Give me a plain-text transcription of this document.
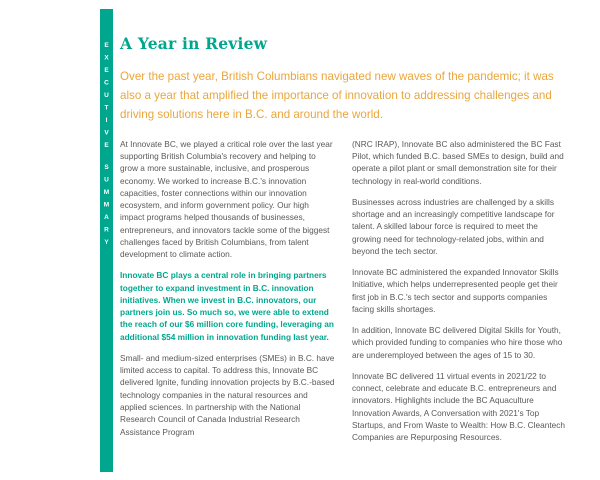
EXECUTIVE
SUMMARY
A Year in Review

Over the past year, British Columbians navigated new waves of the pandemic; it was also a year that amplified the importance of innovation to addressing challenges and driving solutions here in B.C. and around the world.

At Innovate BC, we played a critical role over the last year supporting British Columbia's recovery and helping to grow a more sustainable, inclusive, and prosperous economy. We worked to increase B.C.'s innovation capacities, foster connections within our innovation ecosystem, and inform government policy. Our high impact programs helped thousands of businesses, entrepreneurs, and innovators tackle some of the biggest challenges faced by British Columbians, from talent development to climate action.

Innovate BC plays a central role in bringing partners together to expand investment in B.C. innovation initiatives. When we invest in B.C. innovators, our partners join us. So much so, we were able to extend the reach of our $6 million core funding, leveraging an additional $54 million in innovation funding last year.

Small- and medium-sized enterprises (SMEs) in B.C. have limited access to capital. To address this, Innovate BC delivered Ignite, funding innovation projects by B.C.-based technology companies in the natural resources and applied sciences. In partnership with the National Research Council of Canada Industrial Research Assistance Program

(NRC IRAP), Innovate BC also administered the BC Fast Pilot, which funded B.C. based SMEs to design, build and operate a pilot plant or small demonstration site for their technology in real-world conditions.

Businesses across industries are challenged by a skills shortage and an increasingly competitive landscape for talent. A skilled labour force is required to meet the growing need for technology-related jobs, within and beyond the tech sector.

Innovate BC administered the expanded Innovator Skills Initiative, which helps underrepresented people get their first job in B.C.'s tech sector and supports companies facing skills shortages.

In addition, Innovate BC delivered Digital Skills for Youth, which provided funding to companies who hire those who are underemployed between the ages of 15 to 30.

Innovate BC delivered 11 virtual events in 2021/22 to connect, celebrate and educate B.C. entrepreneurs and innovators. Highlights include the BC Aquaculture Innovation Awards, A Conversation with 2021's Top Startups, and From Waste to Wealth: How B.C. Cleantech Companies are Repurposing Resources.
